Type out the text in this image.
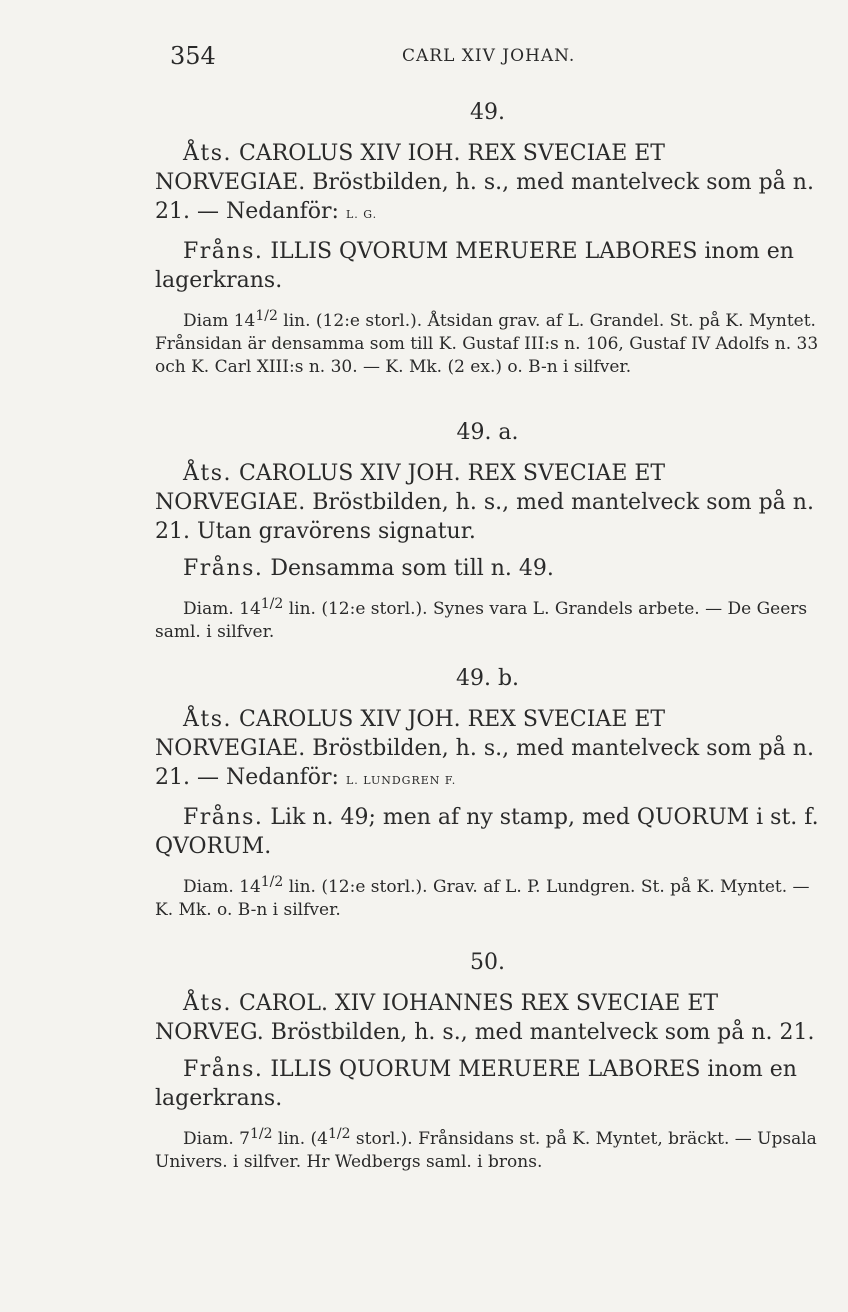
354	CARL XIV JOHAN.
49.

Åts. CAROLUS XIV IOH. REX SVECIAE ET NORVEGIAE. Bröstbilden, h. s., med mantelveck som på n. 21. — Nedanför: L. G.

Fråns. ILLIS QVORUM MERUERE LABORES inom en lagerkrans.

Diam $14^{1/2}$ lin. (12:e storl.). Åtsidan grav. af L. Grandel. St. på K. Myntet. Frånsidan är densamma som till K. Gustaf III:s n. 106, Gustaf IV Adolfs n. 33 och K. Carl XIII:s n. 30. — K. Mk. (2 ex.) o. B-n i silfver.

49. a.

Åts. CAROLUS XIV JOH. REX SVECIAE ET NORVEGIAE. Bröstbilden, h. s., med mantelveck som på n. 21. Utan gravörens signatur.

Fråns. Densamma som till n. 49.

Diam. $14^{1/2}$ lin. (12:e storl.). Synes vara L. Grandels arbete. — De Geers saml. i silfver.

49. b.

Åts. CAROLUS XIV JOH. REX SVECIAE ET NORVEGIAE. Bröstbilden, h. s., med mantelveck som på n. 21. — Nedanför: L. LUNDGREN F.

Fråns. Lik n. 49; men af ny stamp, med QUORUM i st. f. QVORUM.

Diam. $14^{1/2}$ lin. (12:e storl.). Grav. af L. P. Lundgren. St. på K. Myntet. — K. Mk. o. B-n i silfver.

50.

Åts. CAROL. XIV IOHANNES REX SVECIAE ET NORVEG. Bröstbilden, h. s., med mantelveck som på n. 21.

Fråns. ILLIS QUORUM MERUERE LABORES inom en lagerkrans.

Diam. $7^{1/2}$ lin. ($4^{1/2}$ storl.). Frånsidans st. på K. Myntet, bräckt. — Upsala Univers. i silfver. Hr Wedbergs saml. i brons.
